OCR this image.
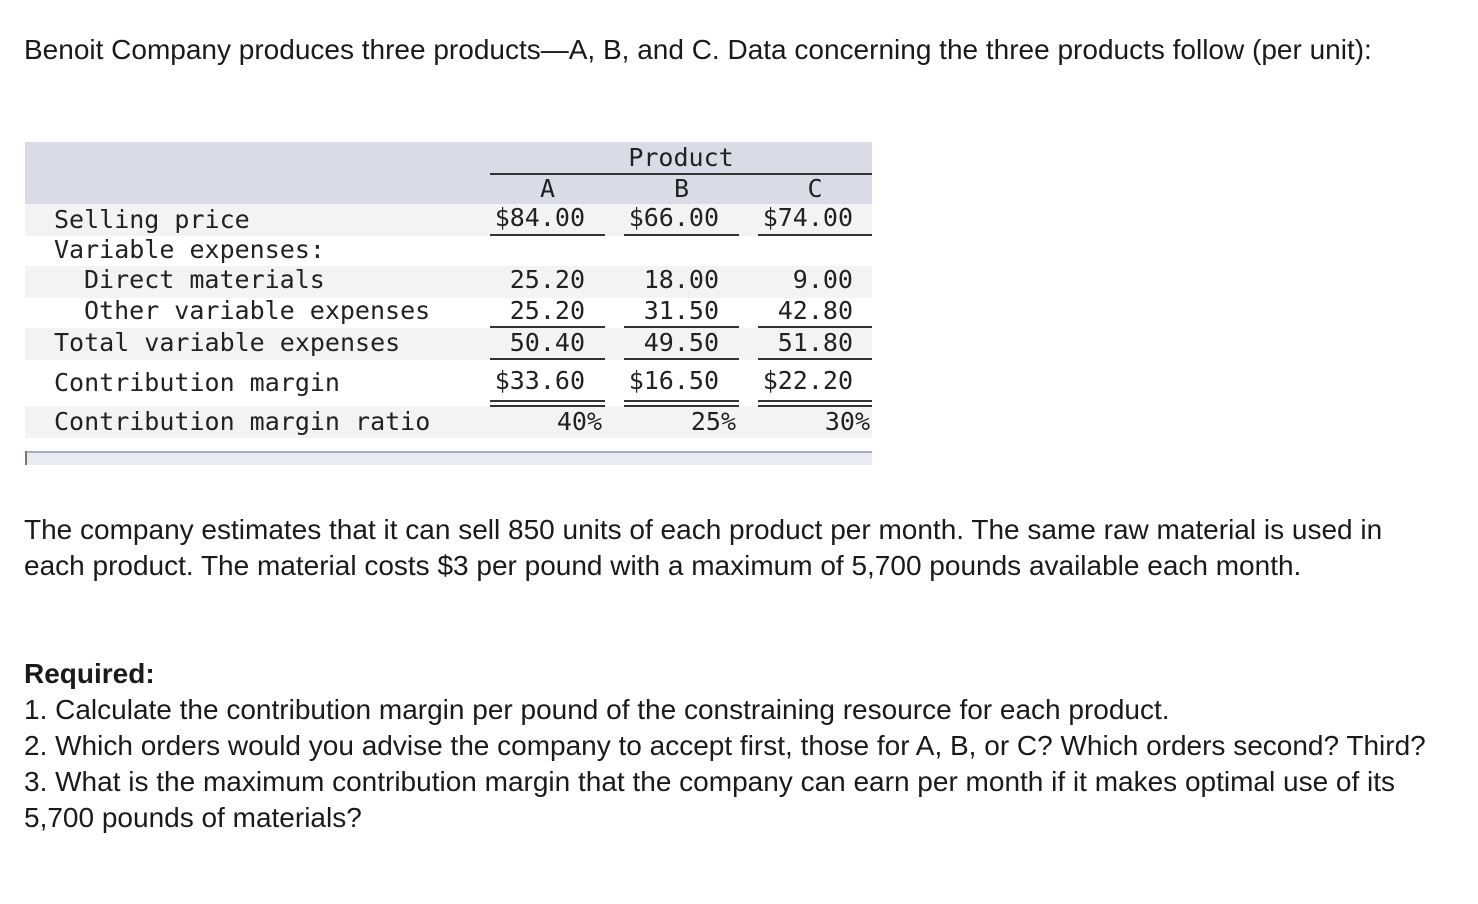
Benoit Company produces three products—A, B, and C. Data concerning the three products follow (per unit):

Product
A	B	C
Selling price	$84.00 $66.00 $74.00
Variable expenses:
Direct materials	25.20	18.00	9.00
Other variable expenses	25.20	31.50	42.80
Total variable expenses	50.40	49.50	51.80
Contribution margin	$33.60 $16.50 $22.20
Contribution margin ratio	40%	25%	30%

The company estimates that it can sell 850 units of each product per month. The same raw material is used in each product. The material costs $3 per pound with a maximum of 5,700 pounds available each month.

Required:
1. Calculate the contribution margin per pound of the constraining resource for each product.
2. Which orders would you advise the company to accept first, those for A, B, or C? Which orders second? Third?
3. What is the maximum contribution margin that the company can earn per month if it makes optimal use of its 5,700 pounds of materials?
